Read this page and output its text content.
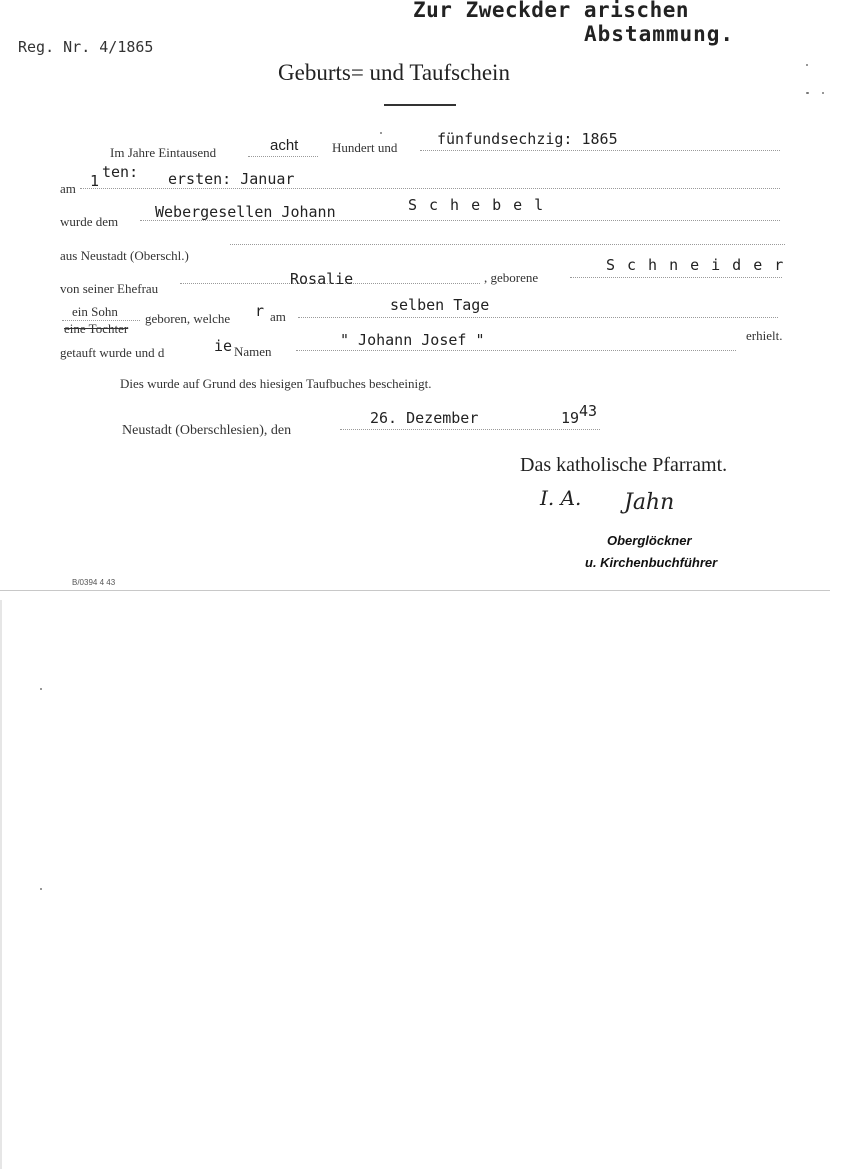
Zur Zweckder arischen
Abstammung.
Reg. Nr. 4/1865
Geburts= und Taufschein
Im Jahre Eintausend	acht	Hundert und	fünfundsechzig: 1865
am 1 ten: ersten: Januar
wurde dem
Webergesellen Johann	Schebel
aus Neustadt (Oberschl.)
von seiner Ehefrau
Rosalie	, geborene
Schneider
ein Sohn
eine Tochter
geboren, welche r am
selben Tage
getauft wurde und d	ie Namen
" Johann Josef "	erhielt.
Dies wurde auf Grund des hiesigen Taufbuches bescheinigt.
Neustadt (Oberschlesien), den
26. Dezember	19 43
Das katholische Pfarramt.
I. A. Jahn
Oberglöckner
u. Kirchenbuchführer
B/0394 4 43
